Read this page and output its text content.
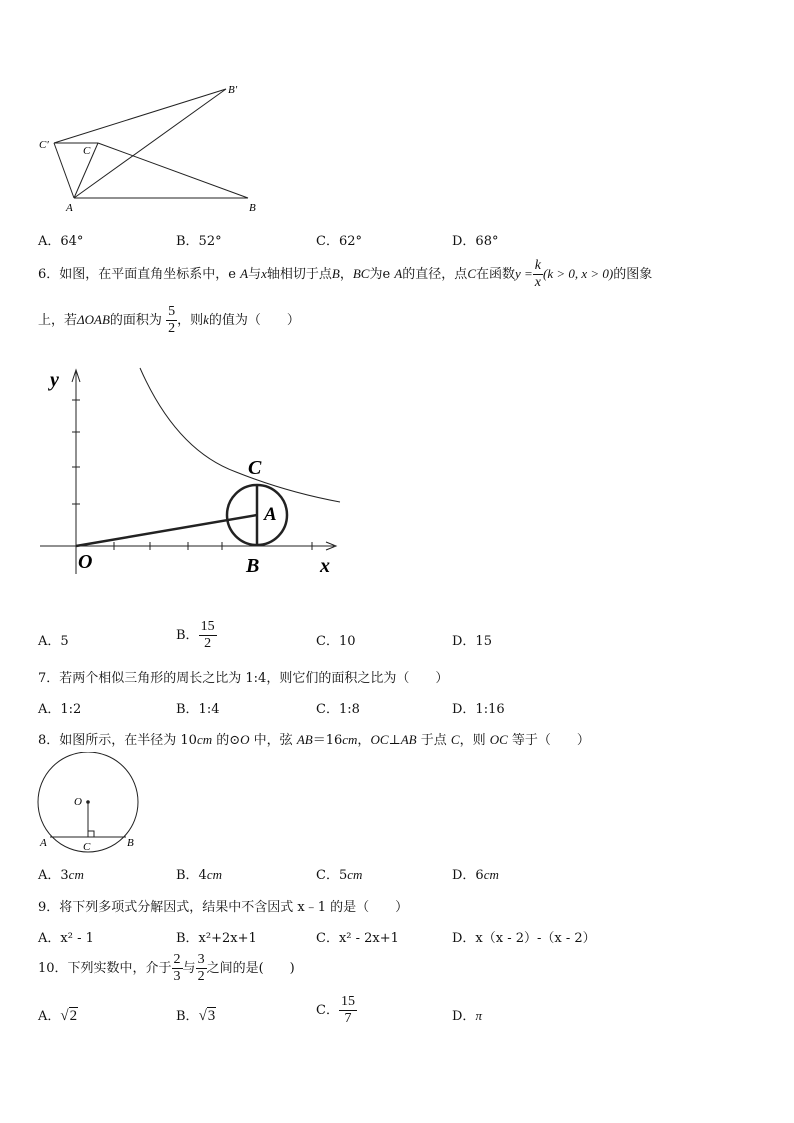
B′
C′	C
A	B
A．64°	B．52°	C．62°	D．68°
6．如图，在平面直角坐标系中，e A与x轴相切于点B，BC为e A的直径，点C在函数$y = \frac{k}{x} (k > 0$, x > 0)的图象
上，若ΔOAB的面积为 $\frac{5}{2}$ ，则k的值为（　　）
y
C
A
O	B	x
A．5	B． $\frac{15}{2}$	C．10	D．15
7．若两个相似三角形的周长之比为 1:4，则它们的面积之比为（　　）
A．1:2	B．1:4	C．1:8	D．1:16
8．如图所示，在半径为 10cm 的⊙O 中，弦 AB＝16cm，OC⊥AB 于点 C，则 OC 等于（　　）
O
A	C	B
A．3cm	B．4cm	C．5cm	D．6cm
9．将下列多项式分解因式，结果中不含因式 x﹣1 的是（　　）
A．x² - 1	B．x²+2x+1	C．x² - 2x+1	D．x（x - 2）-（x - 2）
10．下列实数中，介于 $\frac{2}{3}$ 与 $\frac{3}{2}$ 之间的是(　　)
A．√2	B．√3	C． $\frac{15}{7}$	D．π
